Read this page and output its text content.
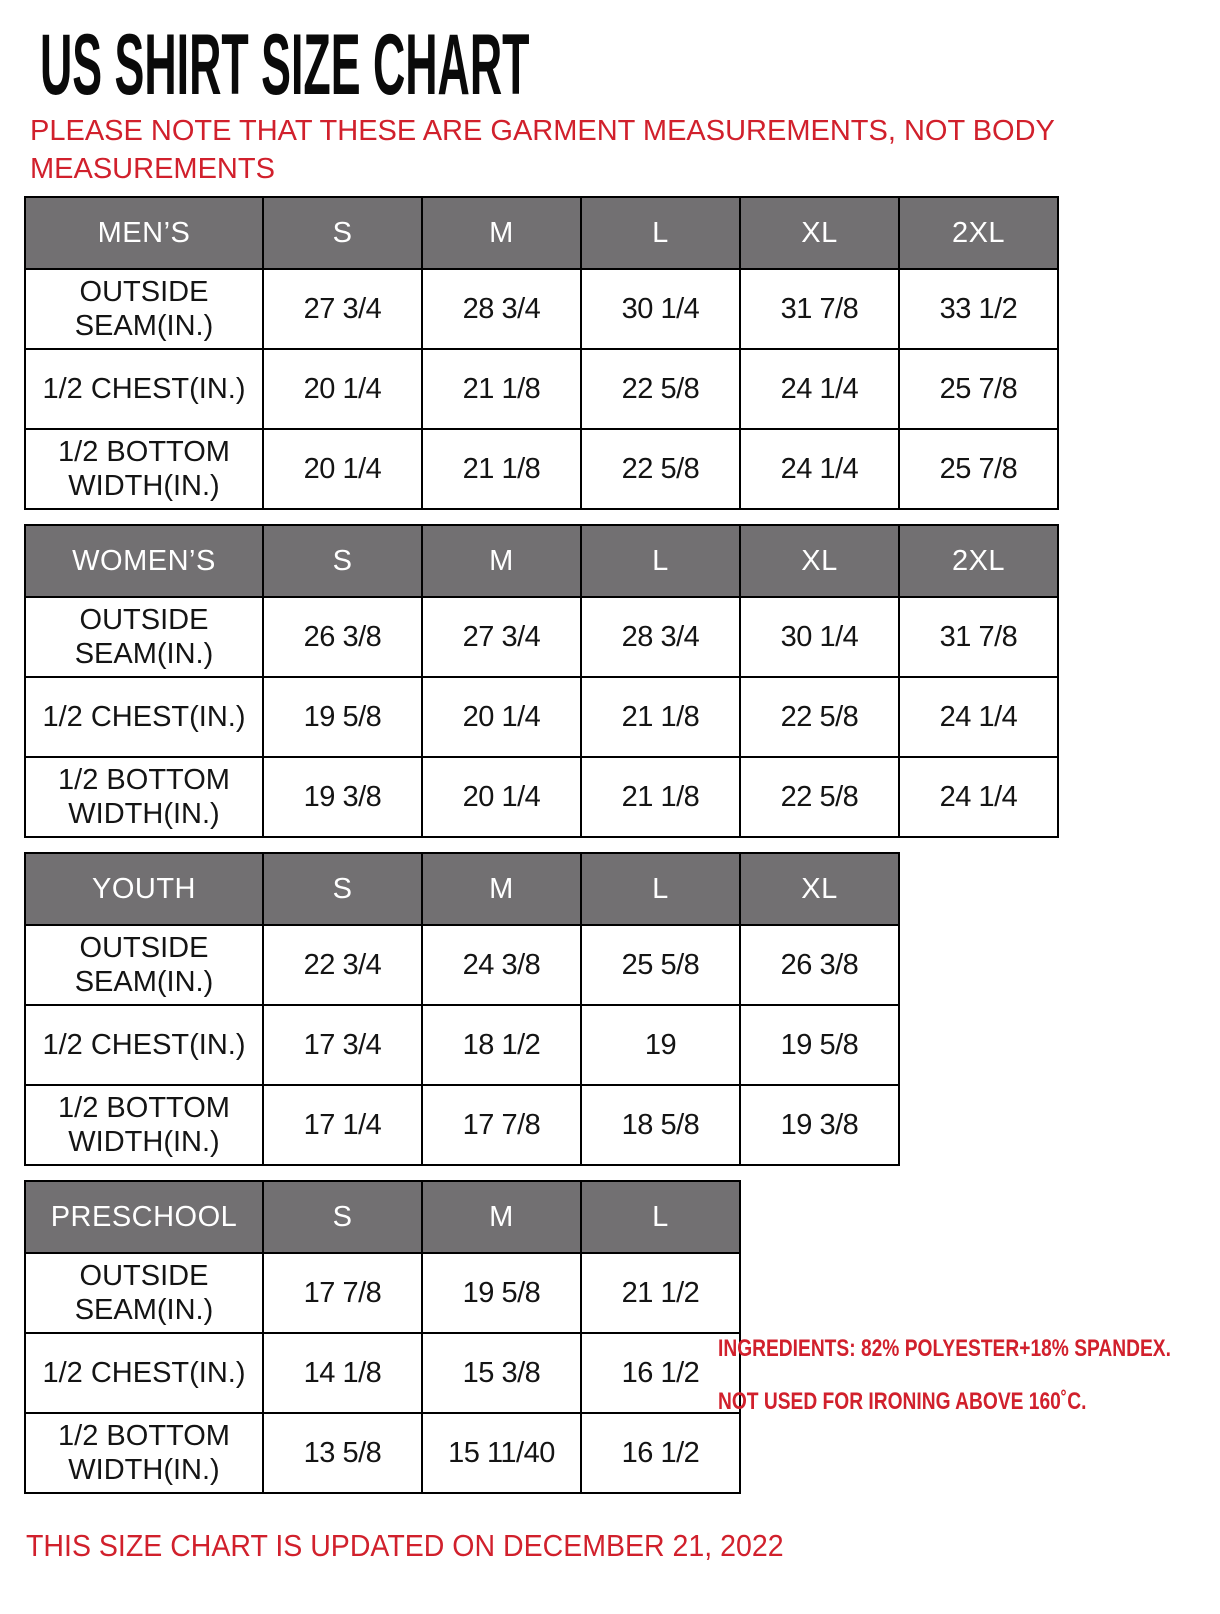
US SHIRT SIZE CHART

PLEASE NOTE THAT THESE ARE GARMENT MEASUREMENTS, NOT BODY
MEASUREMENTS

MEN’S	S	M	L	XL	2XL
OUTSIDE SEAM(IN.)	27 3/4	28 3/4	30 1/4	31 7/8	33 1/2
1/2 CHEST(IN.)	20 1/4	21 1/8	22 5/8	24 1/4	25 7/8
1/2 BOTTOM WIDTH(IN.)	20 1/4	21 1/8	22 5/8	24 1/4	25 7/8
WOMEN’S	S	M	L	XL	2XL
OUTSIDE SEAM(IN.)	26 3/8	27 3/4	28 3/4	30 1/4	31 7/8
1/2 CHEST(IN.)	19 5/8	20 1/4	21 1/8	22 5/8	24 1/4
1/2 BOTTOM WIDTH(IN.)	19 3/8	20 1/4	21 1/8	22 5/8	24 1/4
YOUTH	S	M	L	XL
OUTSIDE SEAM(IN.)	22 3/4	24 3/8	25 5/8	26 3/8
1/2 CHEST(IN.)	17 3/4	18 1/2	19	19 5/8
1/2 BOTTOM WIDTH(IN.)	17 1/4	17 7/8	18 5/8	19 3/8
PRESCHOOL	S	M	L
OUTSIDE SEAM(IN.)	17 7/8	19 5/8	21 1/2
1/2 CHEST(IN.)	14 1/8	15 3/8	16 1/2
1/2 BOTTOM WIDTH(IN.)	13 5/8	15 11/40	16 1/2

INGREDIENTS: 82% POLYESTER+18% SPANDEX.

NOT USED FOR IRONING ABOVE 160˚C.

THIS SIZE CHART IS UPDATED ON DECEMBER 21, 2022
